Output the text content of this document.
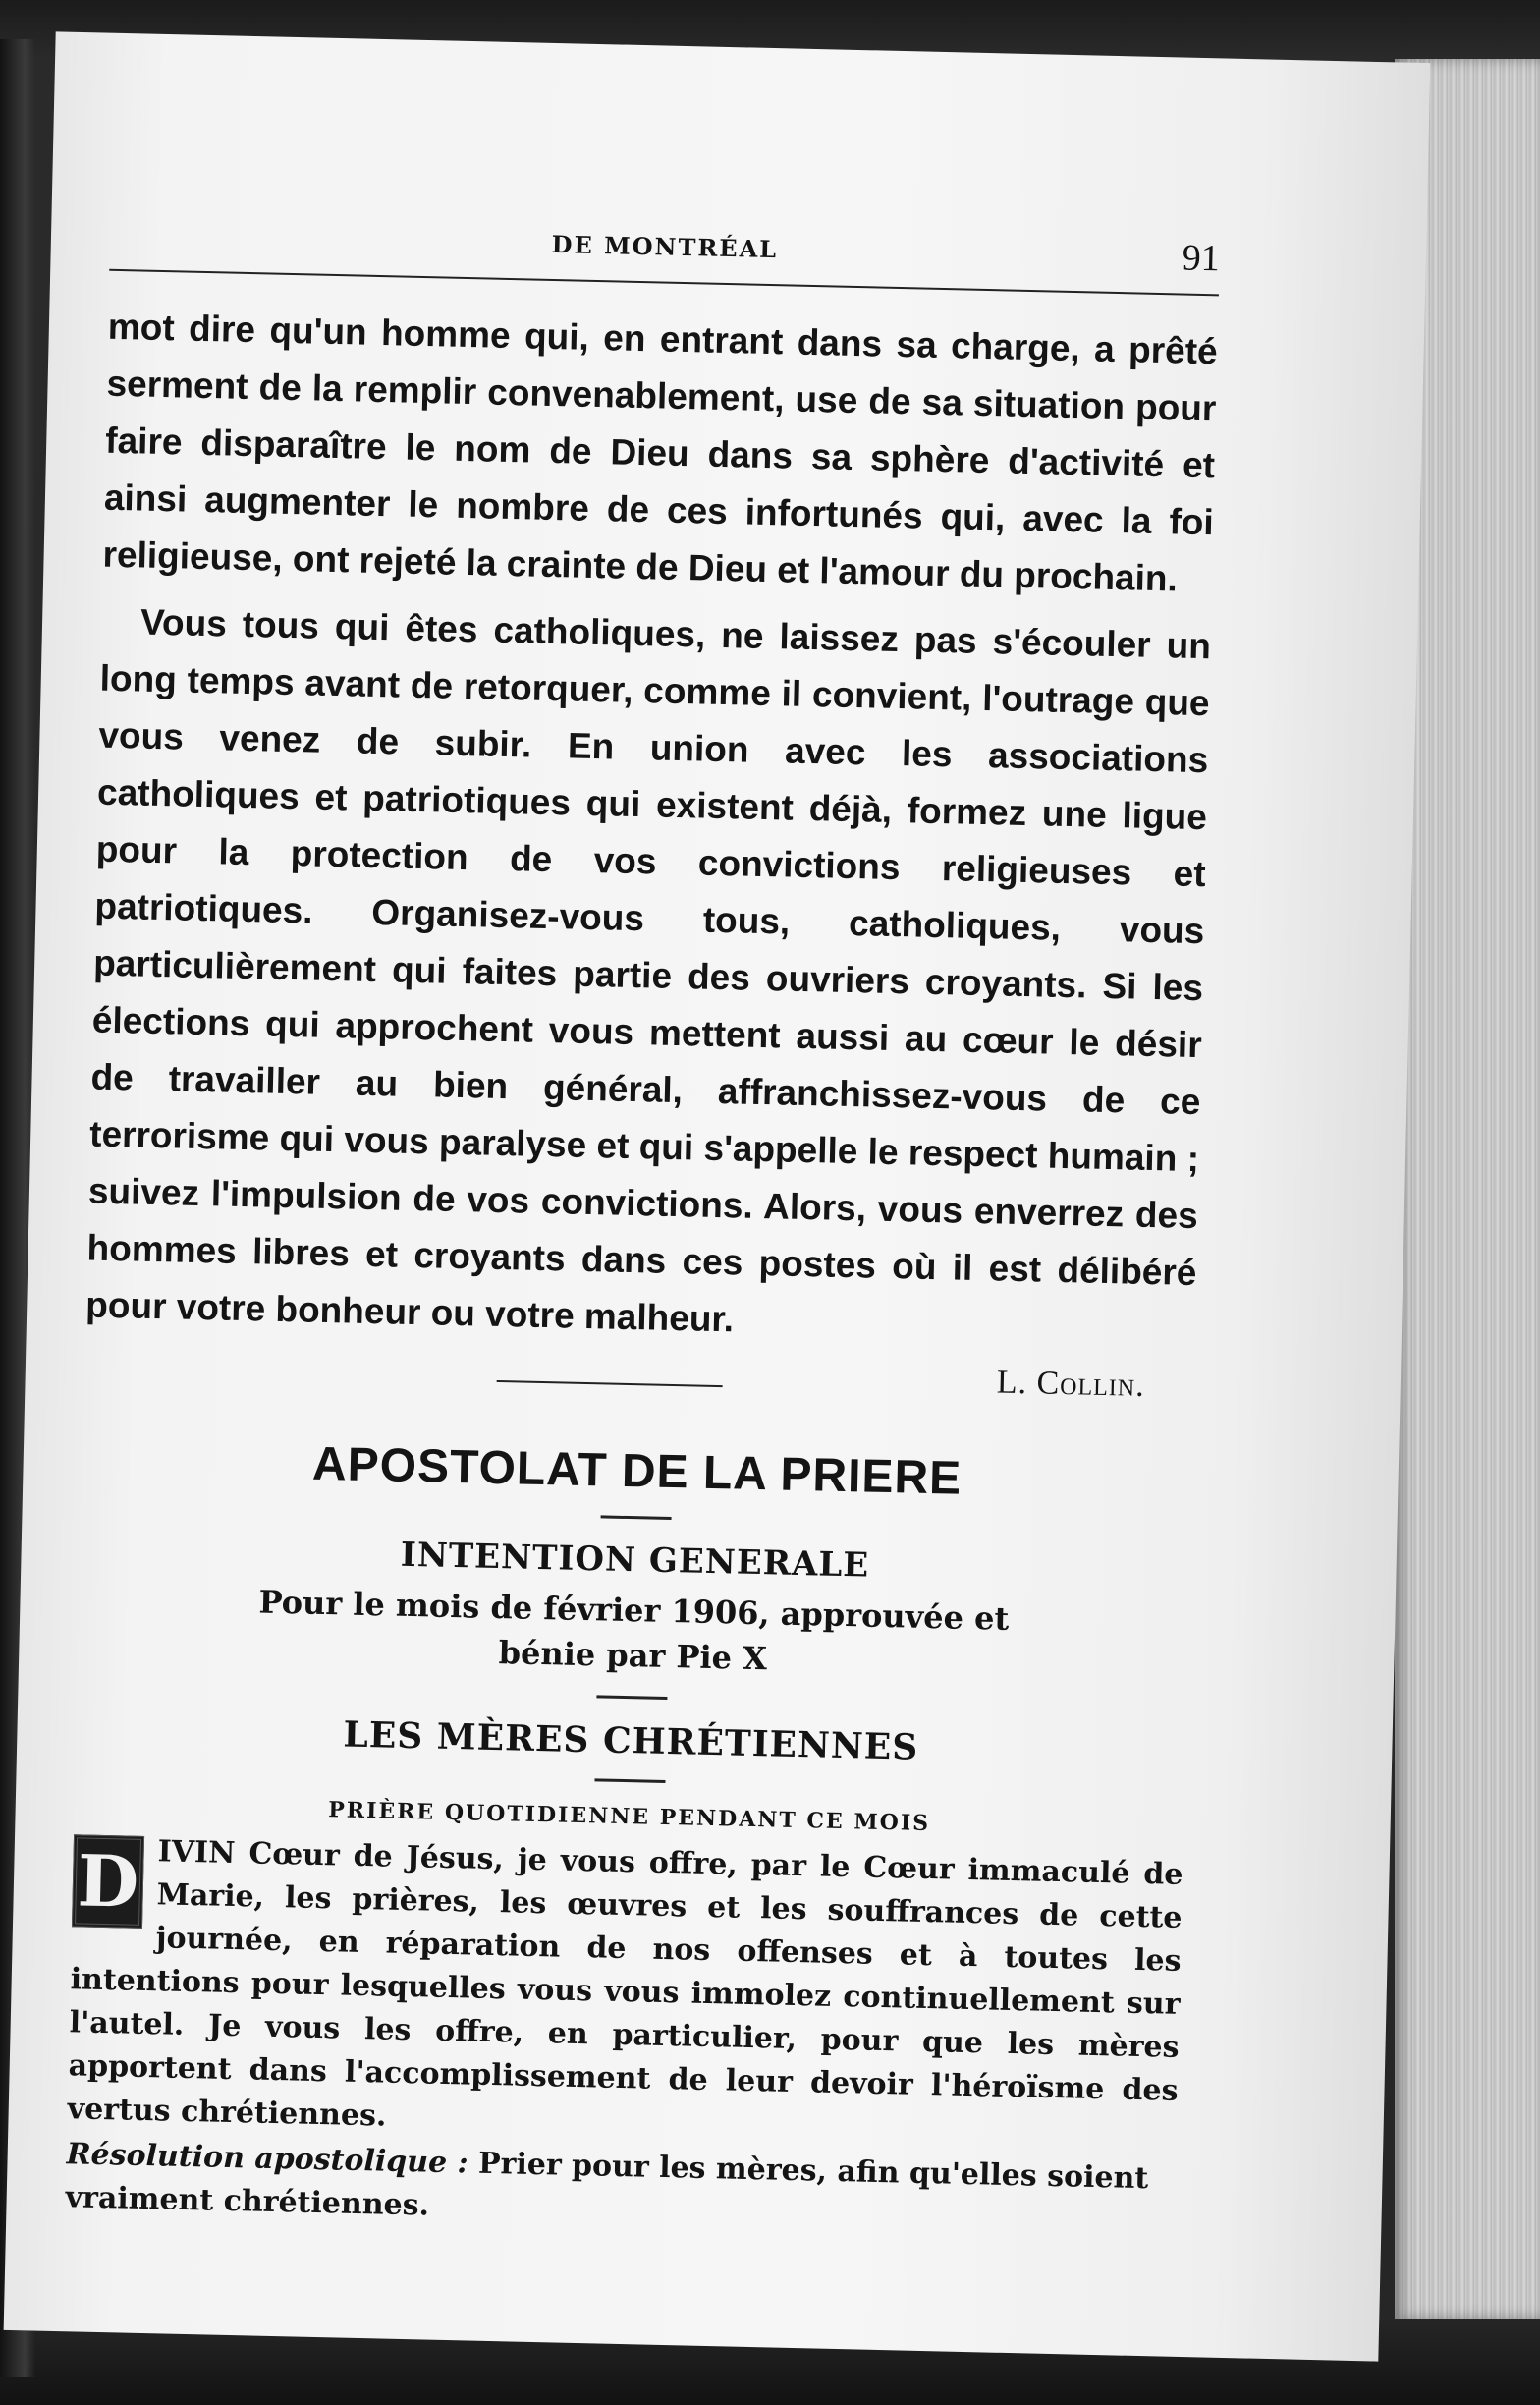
DE MONTRÉAL	91

mot dire qu'un homme qui, en entrant dans sa charge, a prêté serment de la remplir convenablement, use de sa situation pour faire disparaître le nom de Dieu dans sa sphère d'activité et ainsi augmenter le nombre de ces infortunés qui, avec la foi religieuse, ont rejeté la crainte de Dieu et l'amour du prochain.

Vous tous qui êtes catholiques, ne laissez pas s'écouler un long temps avant de retorquer, comme il convient, l'outrage que vous venez de subir. En union avec les associations catholiques et patriotiques qui existent déjà, formez une ligue pour la protection de vos convictions religieuses et patriotiques. Organisez-vous tous, catholiques, vous particulièrement qui faites partie des ouvriers croyants. Si les élections qui approchent vous mettent aussi au cœur le désir de travailler au bien général, affranchissez-vous de ce terrorisme qui vous paralyse et qui s'appelle le respect humain ; suivez l'impulsion de vos convictions. Alors, vous enverrez des hommes libres et croyants dans ces postes où il est délibéré pour votre bonheur ou votre malheur.

L. Collin.
APOSTOLAT DE LA PRIERE
INTENTION GENERALE
Pour le mois de février 1906, approuvée et bénie par Pie X
LES MÈRES CHRÉTIENNES
PRIÈRE QUOTIDIENNE PENDANT CE MOIS
D IVIN Cœur de Jésus, je vous offre, par le Cœur immaculé de Marie, les prières, les œuvres et les souffrances de cette journée, en réparation de nos offenses et à toutes les intentions pour lesquelles vous vous immolez continuellement sur l'autel. Je vous les offre, en particulier, pour que les mères apportent dans l'accomplissement de leur devoir l'héroïsme des vertus chrétiennes.
Résolution apostolique : Prier pour les mères, afin qu'elles soient vraiment chrétiennes.
